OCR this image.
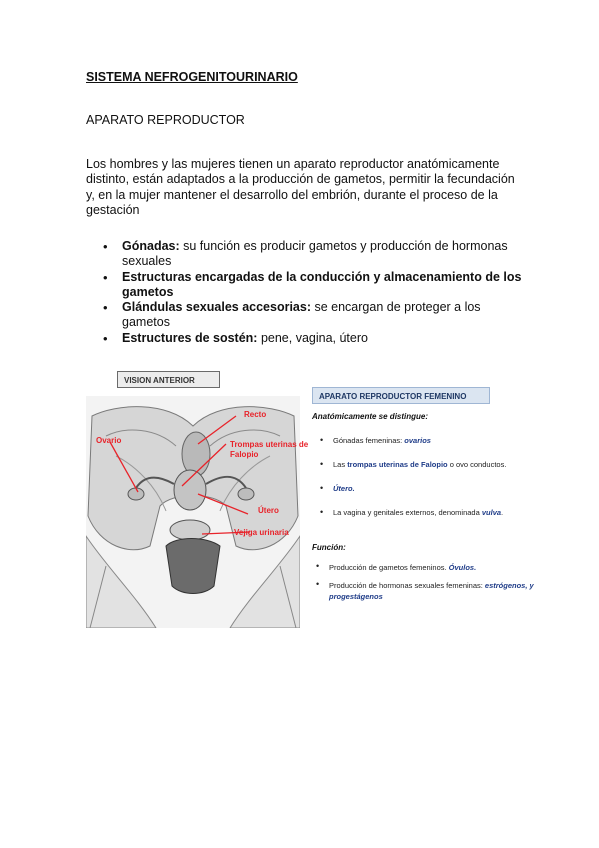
SISTEMA NEFROGENITOURINARIO
APARATO REPRODUCTOR
Los hombres y las mujeres tienen un aparato reproductor anatómicamente distinto, están adaptados a la producción de gametos, permitir la fecundación y, en la mujer mantener el desarrollo del embrión, durante el proceso de la gestación
• Gónadas: su función es producir gametos y producción de hormonas sexuales
• Estructuras encargadas de la conducción y almacenamiento de los gametos
• Glándulas sexuales accesorias: se encargan de proteger a los gametos
• Estructures de sostén: pene, vagina, útero
VISION ANTERIOR
Recto
Ovario	Trompas uterinas de
Falopio
Útero
Vejiga urinaria
APARATO REPRODUCTOR FEMENINO
Anatómicamente se distingue:
• Gónadas femeninas: ovarios
• Las trompas uterinas de Falopio o ovo conductos.
• Útero.
• La vagina y genitales externos, denominada vulva.
Función:
• Producción de gametos femeninos. Óvulos.
• Producción de hormonas sexuales femeninas: estrógenos, y progestágenos
